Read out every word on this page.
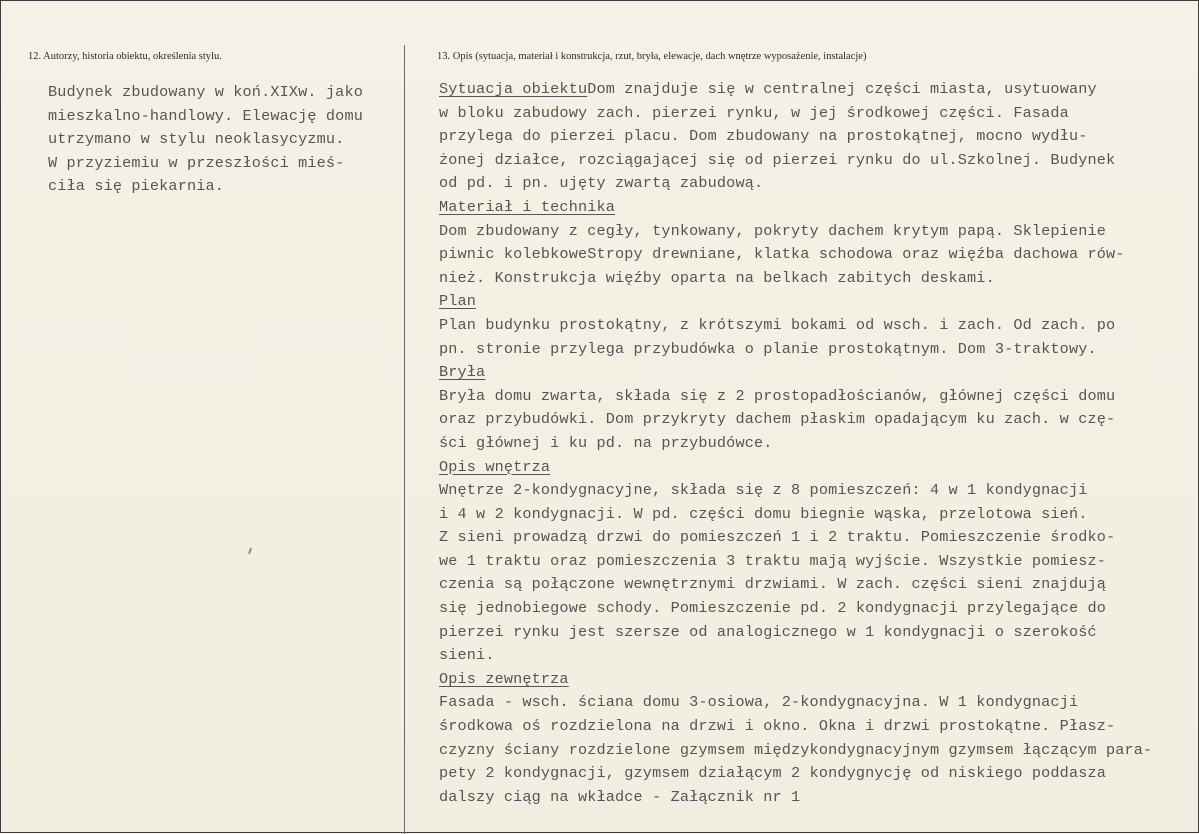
12. Autorzy, historia obiektu, określenia stylu.	13. Opis (sytuacja, materiał i konstrukcja, rzut, bryła, elewacje, dach wnętrze wyposażenie, instalacje)
Budynek zbudowany w koń.XIXw. jako
mieszkalno-handlowy. Elewację domu
utrzymano w stylu neoklasycyzmu.
W przyziemiu w przeszłości mieś-
ciła się piekarnia.
Sytuacja obiektuDom znajduje się w centralnej części miasta, usytuowany
w bloku zabudowy zach. pierzei rynku, w jej środkowej części. Fasada
przylega do pierzei placu. Dom zbudowany na prostokątnej, mocno wydłu-
żonej działce, rozciągającej się od pierzei rynku do ul.Szkolnej. Budynek
od pd. i pn. ujęty zwartą zabudową.
Materiał i technika
Dom zbudowany z cegły, tynkowany, pokryty dachem krytym papą. Sklepienie
piwnic kolebkoweStropy drewniane, klatka schodowa oraz więźba dachowa rów-
nież. Konstrukcja więźby oparta na belkach zabitych deskami.
Plan
Plan budynku prostokątny, z krótszymi bokami od wsch. i zach. Od zach. po
pn. stronie przylega przybudówka o planie prostokątnym. Dom 3-traktowy.
Bryła
Bryła domu zwarta, składa się z 2 prostopadłościanów, głównej części domu
oraz przybudówki. Dom przykryty dachem płaskim opadającym ku zach. w czę-
ści głównej i ku pd. na przybudówce.
Opis wnętrza
Wnętrze 2-kondygnacyjne, składa się z 8 pomieszczeń: 4 w 1 kondygnacji
i 4 w 2 kondygnacji. W pd. części domu biegnie wąska, przelotowa sień.
Z sieni prowadzą drzwi do pomieszczeń 1 i 2 traktu. Pomieszczenie środko-
we 1 traktu oraz pomieszczenia 3 traktu mają wyjście. Wszystkie pomiesz-
czenia są połączone wewnętrznymi drzwiami. W zach. części sieni znajdują
się jednobiegowe schody. Pomieszczenie pd. 2 kondygnacji przylegające do
pierzei rynku jest szersze od analogicznego w 1 kondygnacji o szerokość
sieni.
Opis zewnętrza
Fasada - wsch. ściana domu 3-osiowa, 2-kondygnacyjna. W 1 kondygnacji
środkowa oś rozdzielona na drzwi i okno. Okna i drzwi prostokątne. Płasz-
czyzny ściany rozdzielone gzymsem międzykondygnacyjnym gzymsem łączącym para-
pety 2 kondygnacji, gzymsem działącym 2 kondygnycję od niskiego poddasza
dalszy ciąg na wkładce - Załącznik nr 1
